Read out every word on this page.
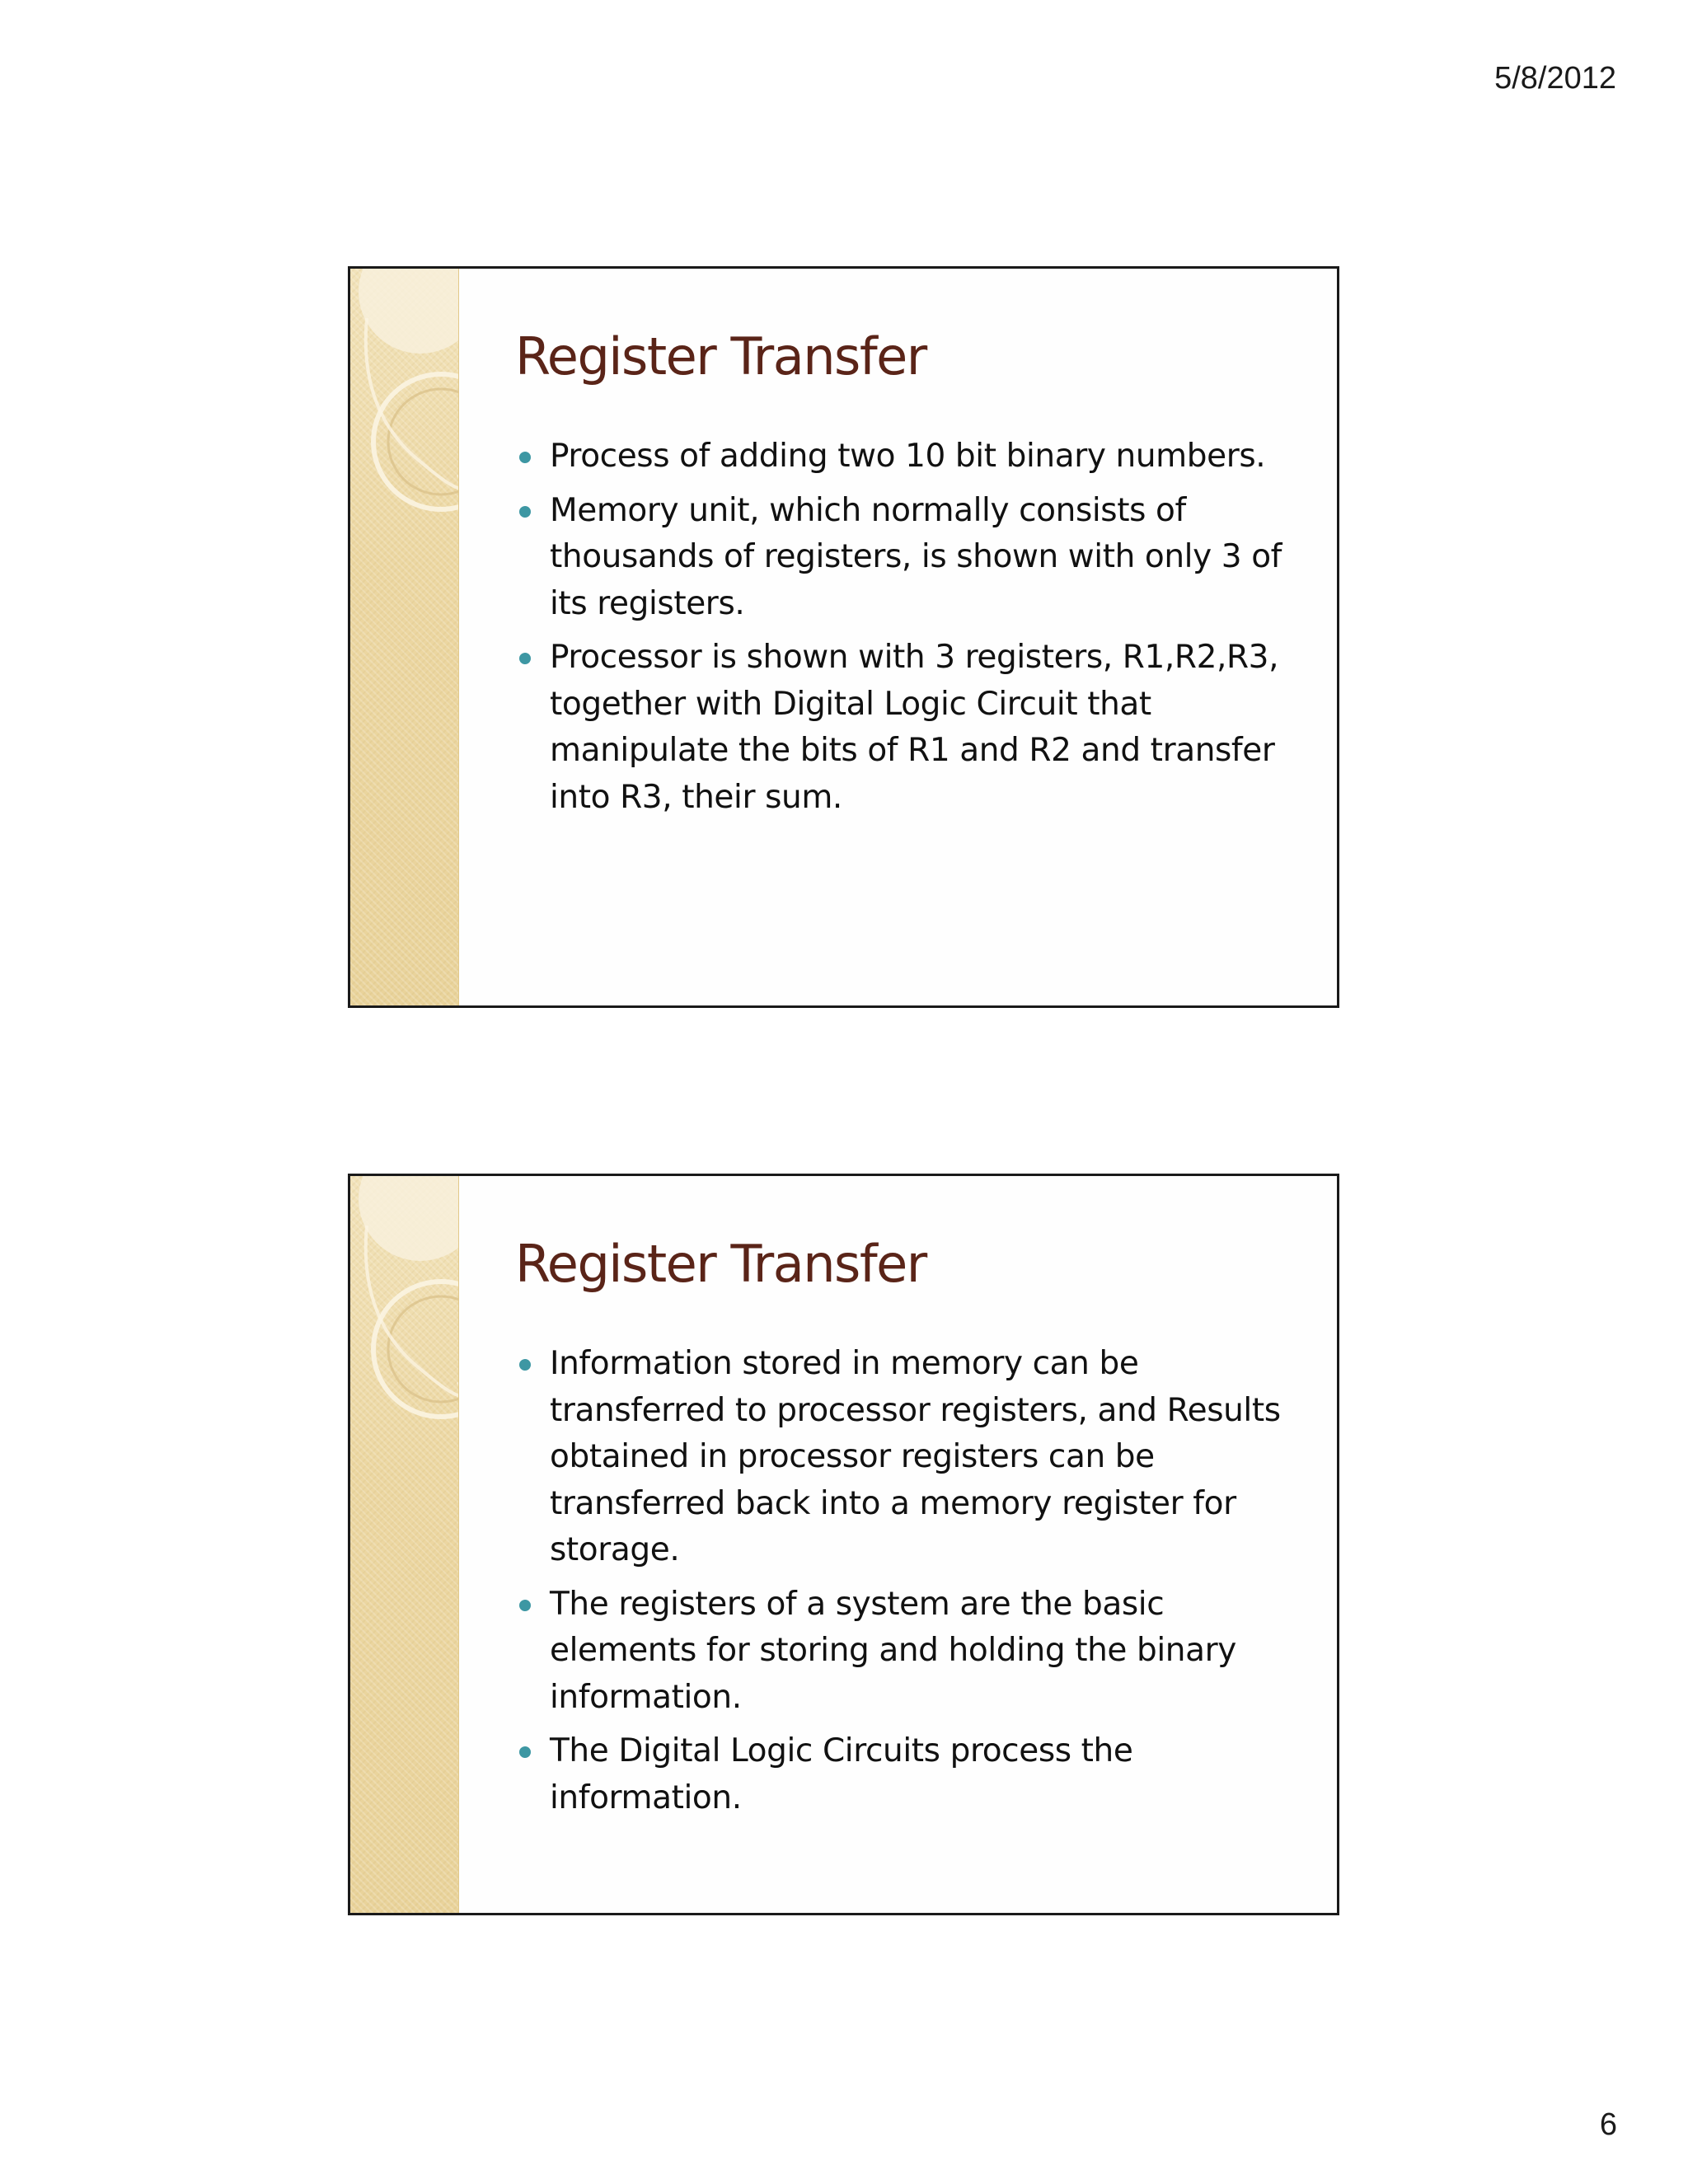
5/8/2012
Register Transfer
Process of adding two 10 bit binary numbers.
Memory unit, which normally consists of thousands of registers, is shown with only 3 of its registers.
Processor is shown with 3 registers, R1,R2,R3, together with Digital Logic Circuit that manipulate the bits of R1 and R2 and transfer into R3, their sum.
Register Transfer
Information stored in memory can be transferred to processor registers, and Results obtained in processor registers can be transferred back into a memory register for storage.
The registers of a system are the basic elements for storing and holding the binary information.
The Digital Logic Circuits process the information.
6
